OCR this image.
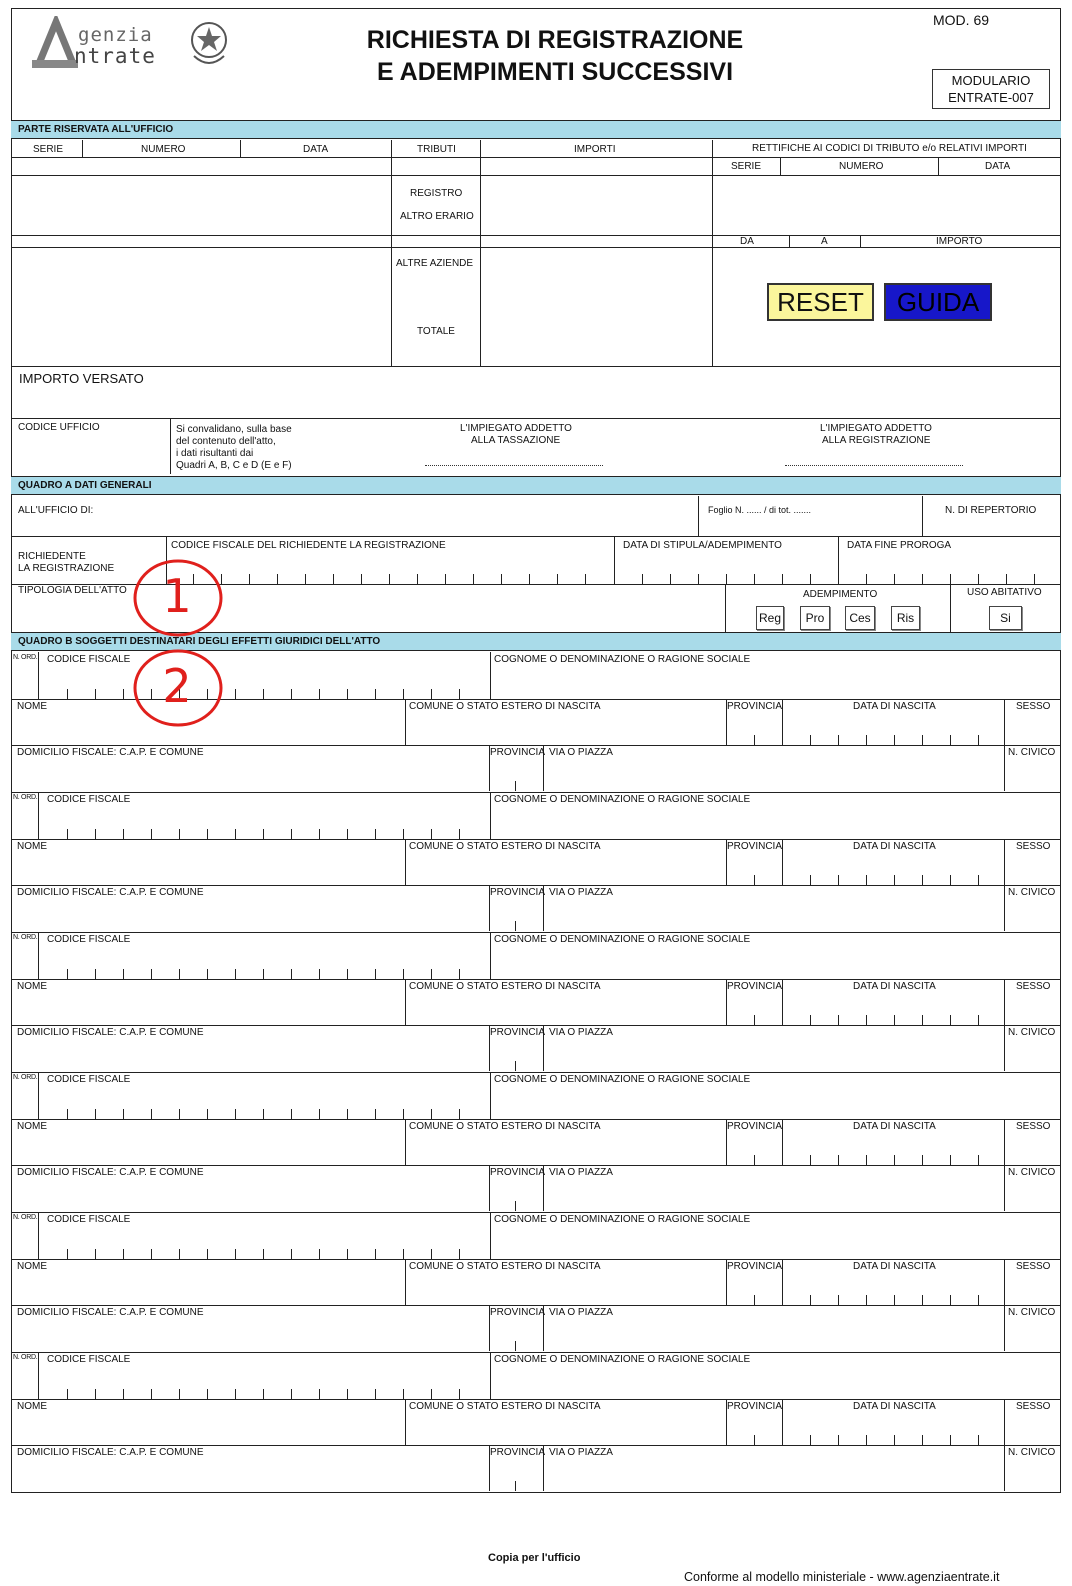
genzia
ntrate
RICHIESTA DI REGISTRAZIONE
E ADEMPIMENTI SUCCESSIVI
MOD. 69
MODULARIO
ENTRATE-007
PARTE RISERVATA ALL'UFFICIO
SERIE	NUMERO	DATA	TRIBUTI	IMPORTI	RETTIFICHE AI CODICI DI TRIBUTO e/o RELATIVI IMPORTI
SERIE	NUMERO	DATA
REGISTRO
ALTRO ERARIO
DA	A	IMPORTO
ALTRE AZIENDE
TOTALE
RESET	GUIDA
IMPORTO VERSATO
CODICE UFFICIO	Si convalidano, sulla base
del contenuto dell'atto,
i dati risultanti dai
Quadri A, B, C e D (E e F)
L'IMPIEGATO ADDETTO
ALLA TASSAZIONE
L'IMPIEGATO ADDETTO
ALLA REGISTRAZIONE
QUADRO A DATI GENERALI
ALL'UFFICIO DI:	Foglio N. ...... / di tot. .......	N. DI REPERTORIO
CODICE FISCALE DEL RICHIEDENTE LA REGISTRAZIONE	DATA DI STIPULA/ADEMPIMENTO	DATA FINE PROROGA
RICHIEDENTE
LA REGISTRAZIONE
TIPOLOGIA DELL'ATTO	ADEMPIMENTO	USO ABITATIVO
Reg	Pro	Ces	Ris	Si
QUADRO B SOGGETTI DESTINATARI DEGLI EFFETTI GIURIDICI DELL'ATTO
N. ORD. CODICE FISCALE	COGNOME O DENOMINAZIONE O RAGIONE SOCIALE
NOME	COMUNE O STATO ESTERO DI NASCITA	PROVINCIA	DATA DI NASCITA	SESSO
DOMICILIO FISCALE: C.A.P. E COMUNE	PROVINCIA VIA O PIAZZA	N. CIVICO
N. ORD. CODICE FISCALE	COGNOME O DENOMINAZIONE O RAGIONE SOCIALE
NOME	COMUNE O STATO ESTERO DI NASCITA	PROVINCIA	DATA DI NASCITA	SESSO
DOMICILIO FISCALE: C.A.P. E COMUNE	PROVINCIA VIA O PIAZZA	N. CIVICO
N. ORD. CODICE FISCALE	COGNOME O DENOMINAZIONE O RAGIONE SOCIALE
NOME	COMUNE O STATO ESTERO DI NASCITA	PROVINCIA	DATA DI NASCITA	SESSO
DOMICILIO FISCALE: C.A.P. E COMUNE	PROVINCIA VIA O PIAZZA	N. CIVICO
N. ORD. CODICE FISCALE	COGNOME O DENOMINAZIONE O RAGIONE SOCIALE
NOME	COMUNE O STATO ESTERO DI NASCITA	PROVINCIA	DATA DI NASCITA	SESSO
DOMICILIO FISCALE: C.A.P. E COMUNE	PROVINCIA VIA O PIAZZA	N. CIVICO
N. ORD. CODICE FISCALE	COGNOME O DENOMINAZIONE O RAGIONE SOCIALE
NOME	COMUNE O STATO ESTERO DI NASCITA	PROVINCIA	DATA DI NASCITA	SESSO
DOMICILIO FISCALE: C.A.P. E COMUNE	PROVINCIA VIA O PIAZZA	N. CIVICO
N. ORD. CODICE FISCALE	COGNOME O DENOMINAZIONE O RAGIONE SOCIALE
NOME	COMUNE O STATO ESTERO DI NASCITA	PROVINCIA	DATA DI NASCITA	SESSO
DOMICILIO FISCALE: C.A.P. E COMUNE	PROVINCIA VIA O PIAZZA	N. CIVICO
1
2
Copia per l'ufficio
Conforme al modello ministeriale - www.agenziaentrate.it
